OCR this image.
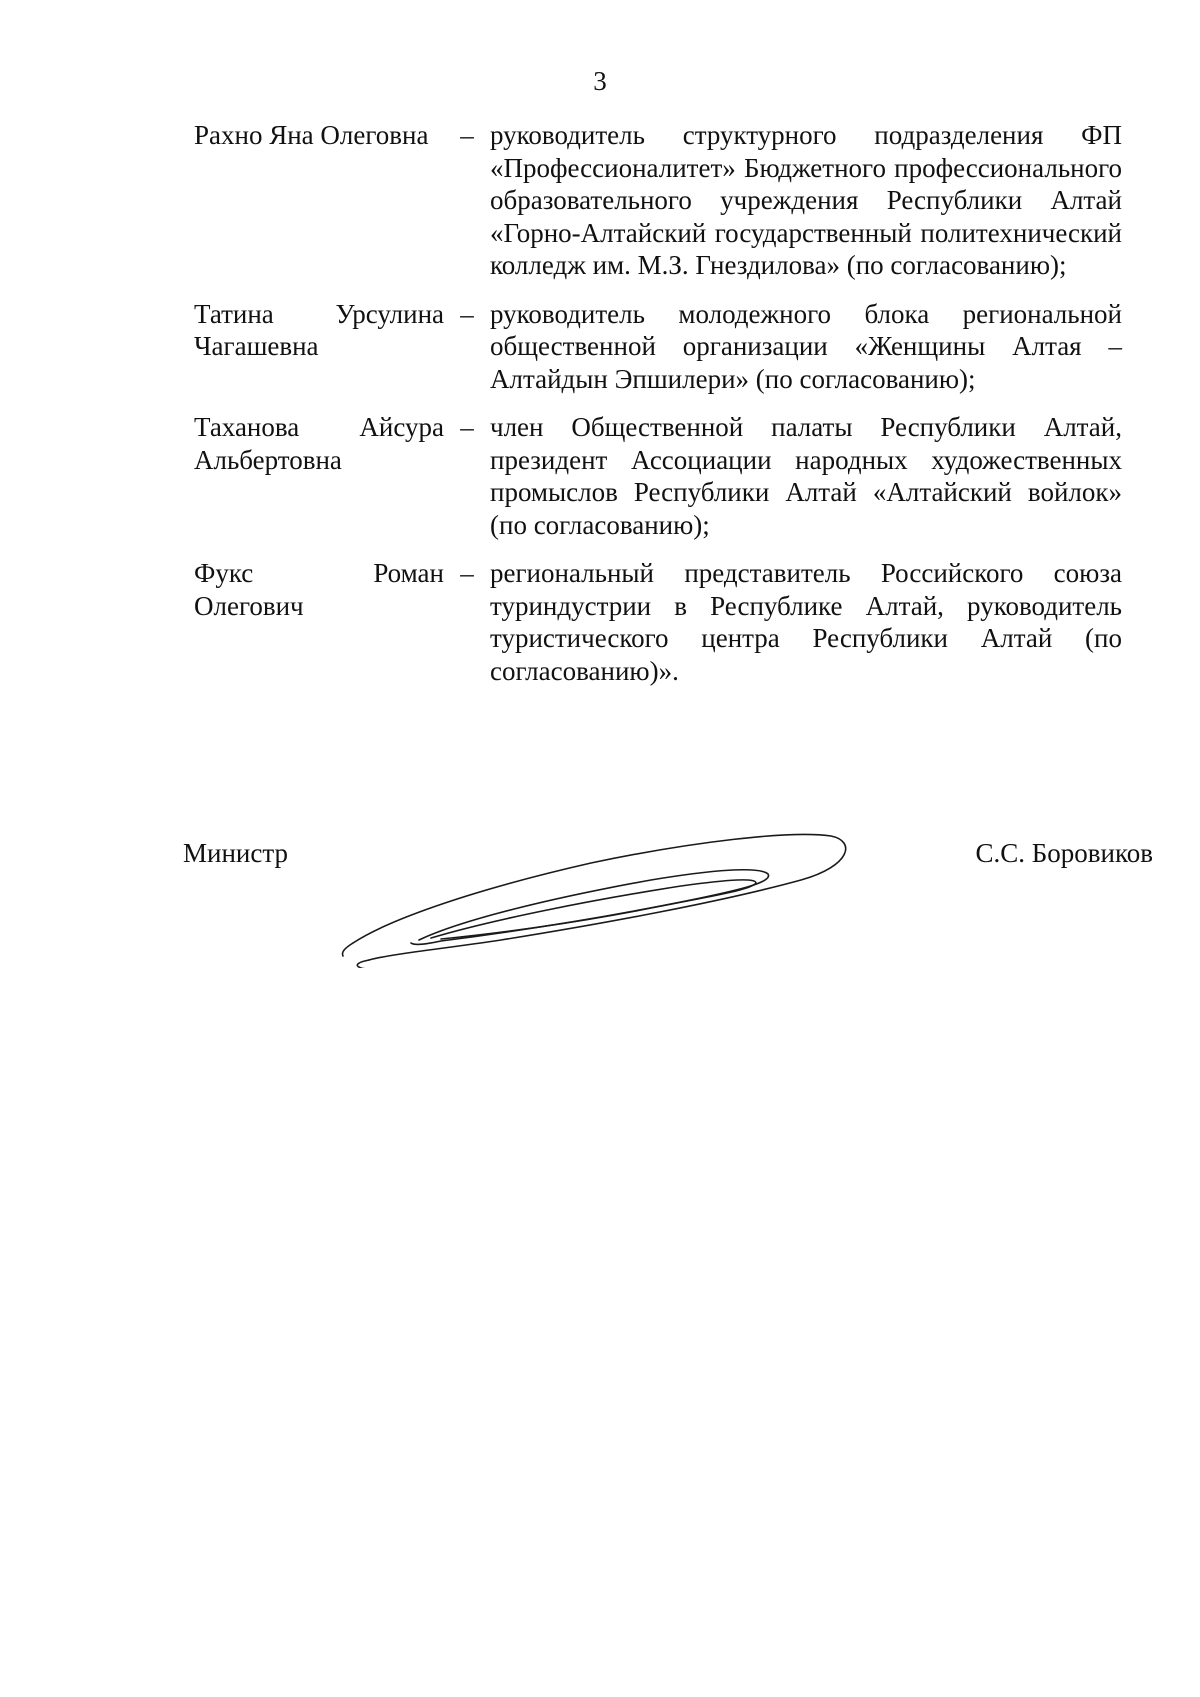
3
Рахно Яна Олеговна	– руководитель структурного подразделения ФП «Профессионалитет» Бюджетного профессионального образовательного учреждения Республики Алтай «Горно-Алтайский государственный политехнический колледж им. М.З. Гнездилова» (по согласованию);
Татина Урсулина Чагашевна
– руководитель молодежного блока региональной общественной организации «Женщины Алтая – Алтайдын Эпшилери» (по согласованию);
Таханова Айсура Альбертовна
– член Общественной палаты Республики Алтай, президент Ассоциации народных художественных промыслов Республики Алтай «Алтайский войлок» (по согласованию);
Фукс Роман Олегович
– региональный представитель Российского союза туриндустрии в Республике Алтай, руководитель туристического центра Республики Алтай (по согласованию)».
Министр	С.С. Боровиков
